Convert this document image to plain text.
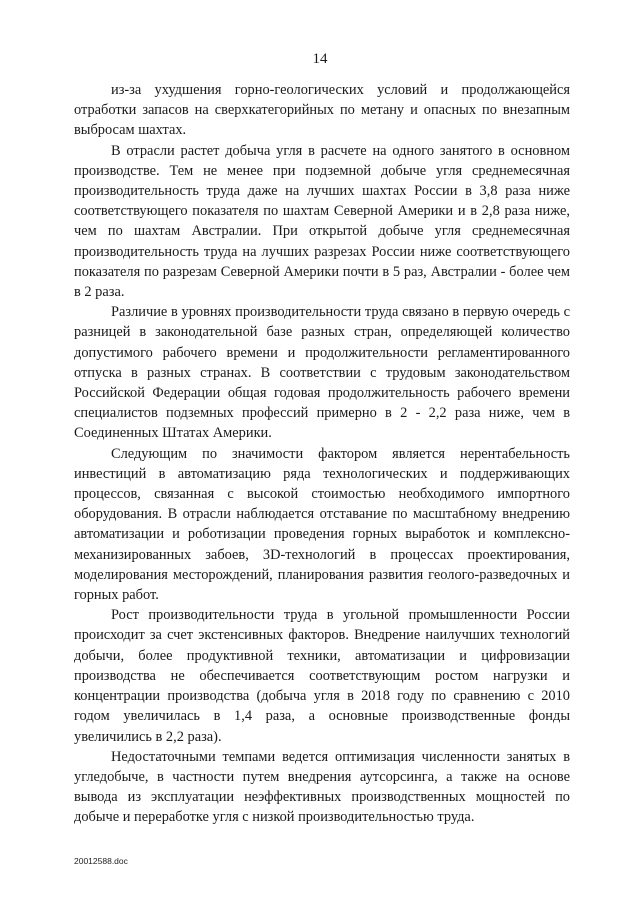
14

из-за ухудшения горно-геологических условий и продолжающейся отработки запасов на сверхкатегорийных по метану и опасных по внезапным выбросам шахтах.

В отрасли растет добыча угля в расчете на одного занятого в основном производстве. Тем не менее при подземной добыче угля среднемесячная производительность труда даже на лучших шахтах России в 3,8 раза ниже соответствующего показателя по шахтам Северной Америки и в 2,8 раза ниже, чем по шахтам Австралии. При открытой добыче угля среднемесячная производительность труда на лучших разрезах России ниже соответствующего показателя по разрезам Северной Америки почти в 5 раз, Австралии - более чем в 2 раза.

Различие в уровнях производительности труда связано в первую очередь с разницей в законодательной базе разных стран, определяющей количество допустимого рабочего времени и продолжительности регламентированного отпуска в разных странах. В соответствии с трудовым законодательством Российской Федерации общая годовая продолжительность рабочего времени специалистов подземных профессий примерно в 2 - 2,2 раза ниже, чем в Соединенных Штатах Америки.

Следующим по значимости фактором является нерентабельность инвестиций в автоматизацию ряда технологических и поддерживающих процессов, связанная с высокой стоимостью необходимого импортного оборудования. В отрасли наблюдается отставание по масштабному внедрению автоматизации и роботизации проведения горных выработок и комплексно-механизированных забоев, 3D-технологий в процессах проектирования, моделирования месторождений, планирования развития геолого-разведочных и горных работ.

Рост производительности труда в угольной промышленности России происходит за счет экстенсивных факторов. Внедрение наилучших технологий добычи, более продуктивной техники, автоматизации и цифровизации производства не обеспечивается соответствующим ростом нагрузки и концентрации производства (добыча угля в 2018 году по сравнению с 2010 годом увеличилась в 1,4 раза, а основные производственные фонды увеличились в 2,2 раза).

Недостаточными темпами ведется оптимизация численности занятых в угледобыче, в частности путем внедрения аутсорсинга, а также на основе вывода из эксплуатации неэффективных производственных мощностей по добыче и переработке угля с низкой производительностью труда.

20012588.doc
